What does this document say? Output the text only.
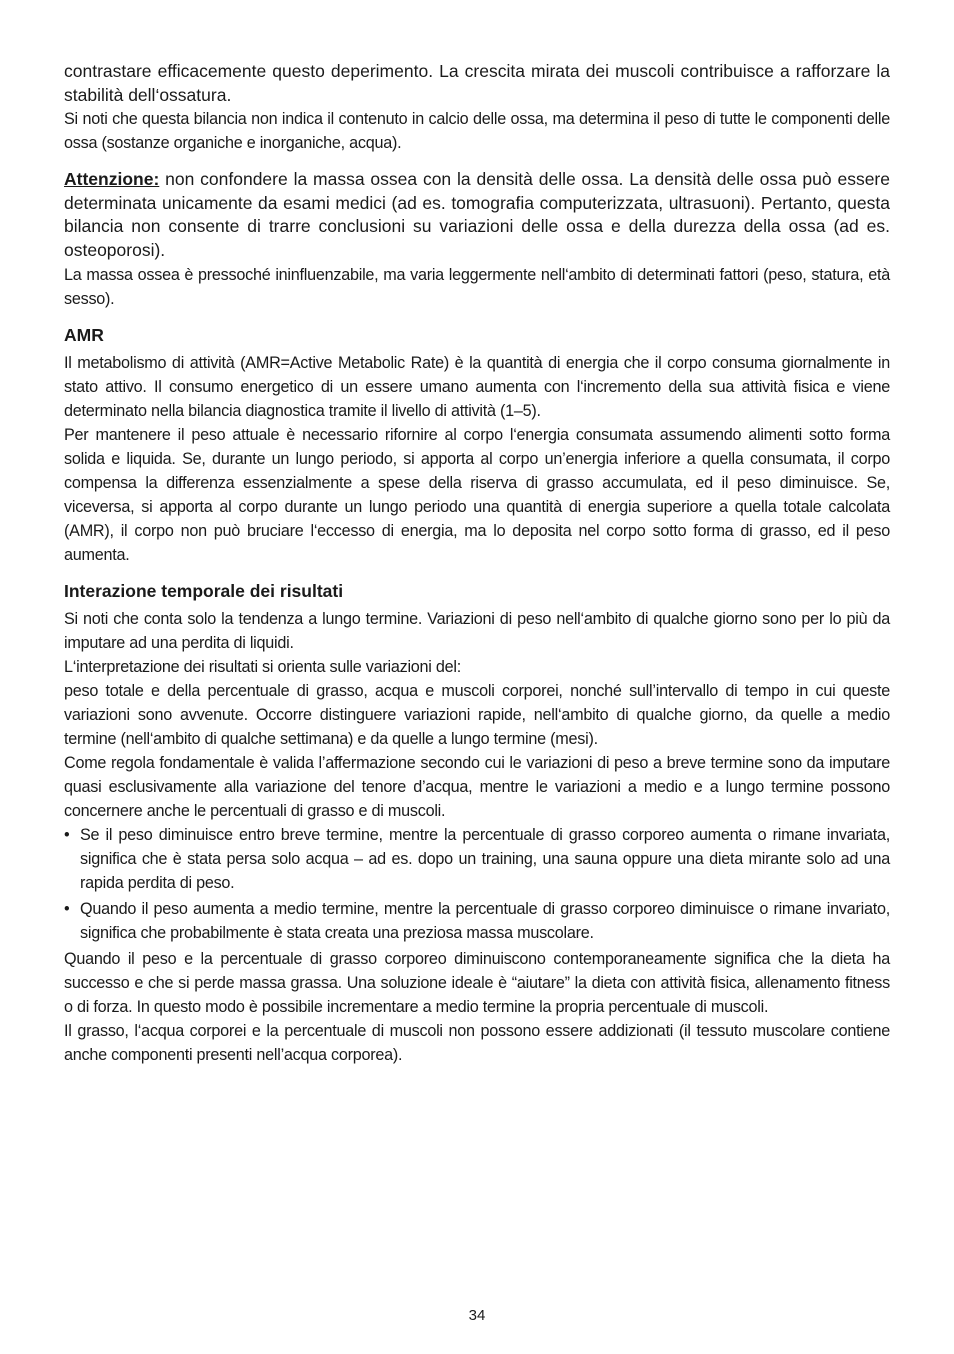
contrastare efficacemente questo deperimento. La crescita mirata dei muscoli contribuisce a rafforzare la stabilità dell‘ossatura.

Si noti che questa bilancia non indica il contenuto in calcio delle ossa, ma determina il peso di tutte le componenti delle ossa (sostanze organiche e inorganiche, acqua).

Attenzione: non confondere la massa ossea con la densità delle ossa. La densità delle ossa può essere determinata unicamente da esami medici (ad es. tomografia computerizzata, ultrasuoni). Pertanto, questa bilancia non consente di trarre conclusioni su variazioni delle ossa e della durezza della ossa (ad es. osteoporosi).

La massa ossea è pressoché ininfluenzabile, ma varia leggermente nell‘ambito di determinati fattori (peso, statura, età sesso).

AMR

Il metabolismo di attività (AMR=Active Metabolic Rate) è la quantità di energia che il corpo consuma giornalmente in stato attivo. Il consumo energetico di un essere umano aumenta con l‘incremento della sua attività fisica e viene determinato nella bilancia diagnostica tramite il livello di attività (1–5).

Per mantenere il peso attuale è necessario rifornire al corpo l‘energia consumata assumendo alimenti sotto forma solida e liquida. Se, durante un lungo periodo, si apporta al corpo un’energia inferiore a quella consumata, il corpo compensa la differenza essenzialmente a spese della riserva di grasso accumulata, ed il peso diminuisce. Se, viceversa, si apporta al corpo durante un lungo periodo una quantità di energia superiore a quella totale calcolata (AMR), il corpo non può bruciare l‘eccesso di energia, ma lo deposita nel corpo sotto forma di grasso, ed il peso aumenta.

Interazione temporale dei risultati

Si noti che conta solo la tendenza a lungo termine. Variazioni di peso nell‘ambito di qualche giorno sono per lo più da imputare ad una perdita di liquidi.

L‘interpretazione dei risultati si orienta sulle variazioni del:

peso totale e della percentuale di grasso, acqua e muscoli corporei, nonché sull’intervallo di tempo in cui queste variazioni sono avvenute. Occorre distinguere variazioni rapide, nell‘ambito di qualche giorno, da quelle a medio termine (nell‘ambito di qualche settimana) e da quelle a lungo termine (mesi).

Come regola fondamentale è valida l’affermazione secondo cui le variazioni di peso a breve termine sono da imputare quasi esclusivamente alla variazione del tenore d’acqua, mentre le variazioni a medio e a lungo termine possono concernere anche le percentuali di grasso e di muscoli.

• Se il peso diminuisce entro breve termine, mentre la percentuale di grasso corporeo aumenta o rimane invariata, significa che è stata persa solo acqua – ad es. dopo un training, una sauna oppure una dieta mirante solo ad una rapida perdita di peso.
• Quando il peso aumenta a medio termine, mentre la percentuale di grasso corporeo diminuisce o rimane invariato, significa che probabilmente è stata creata una preziosa massa muscolare.

Quando il peso e la percentuale di grasso corporeo diminuiscono contemporaneamente significa che la dieta ha successo e che si perde massa grassa. Una soluzione ideale è “aiutare” la dieta con attività fisica, allenamento fitness o di forza. In questo modo è possibile incrementare a medio termine la propria percentuale di muscoli.

Il grasso, l‘acqua corporei e la percentuale di muscoli non possono essere addizionati (il tessuto muscolare contiene anche componenti presenti nell’acqua corporea).

34
